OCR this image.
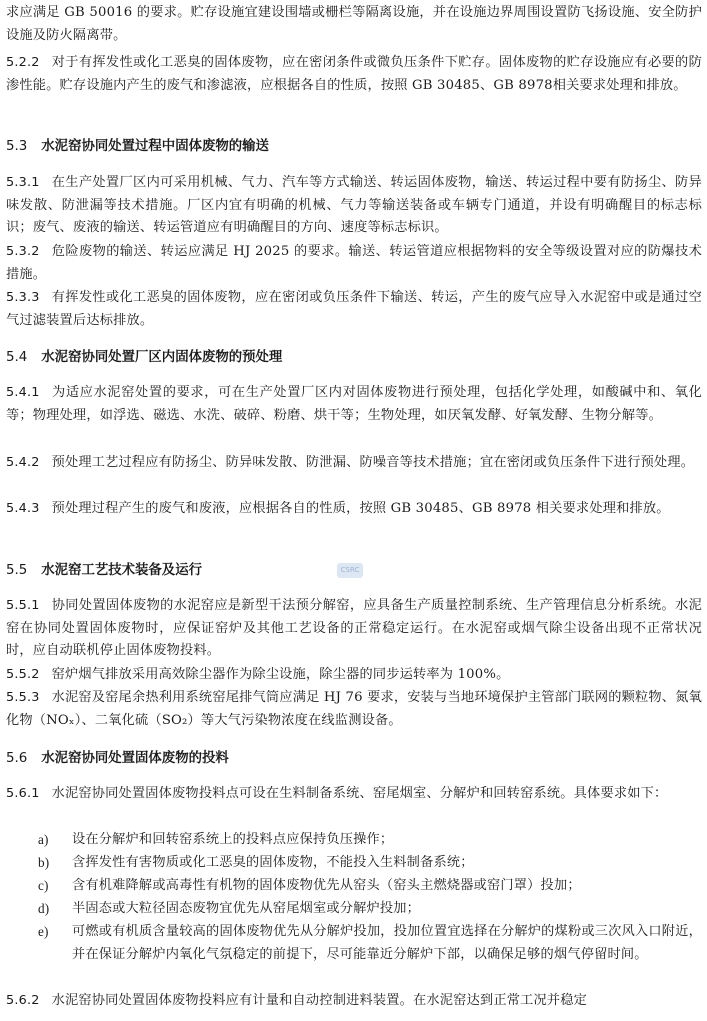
求应满足 GB 50016 的要求。贮存设施宜建设围墙或栅栏等隔离设施，并在设施边界周围设置防飞扬设施、安全防护设施及防火隔离带。
5.2.2 对于有挥发性或化工恶臭的固体废物，应在密闭条件或微负压条件下贮存。固体废物的贮存设施应有必要的防渗性能。贮存设施内产生的废气和渗滤液，应根据各自的性质，按照 GB 30485、GB 8978相关要求处理和排放。
5.3 水泥窑协同处置过程中固体废物的输送
5.3.1 在生产处置厂区内可采用机械、气力、汽车等方式输送、转运固体废物，输送、转运过程中要有防扬尘、防异味发散、防泄漏等技术措施。厂区内宜有明确的机械、气力等输送装备或车辆专门通道，并设有明确醒目的标志标识；废气、废液的输送、转运管道应有明确醒目的方向、速度等标志标识。
5.3.2 危险废物的输送、转运应满足 HJ 2025 的要求。输送、转运管道应根据物料的安全等级设置对应的防爆技术措施。
5.3.3 有挥发性或化工恶臭的固体废物，应在密闭或负压条件下输送、转运，产生的废气应导入水泥窑中或是通过空气过滤装置后达标排放。
5.4 水泥窑协同处置厂区内固体废物的预处理
5.4.1 为适应水泥窑处置的要求，可在生产处置厂区内对固体废物进行预处理，包括化学处理，如酸碱中和、氧化等；物理处理，如浮选、磁选、水洗、破碎、粉磨、烘干等；生物处理，如厌氧发酵、好氧发酵、生物分解等。
5.4.2 预处理工艺过程应有防扬尘、防异味发散、防泄漏、防噪音等技术措施；宜在密闭或负压条件下进行预处理。
5.4.3 预处理过程产生的废气和废液，应根据各自的性质，按照 GB 30485、GB 8978 相关要求处理和排放。
5.5 水泥窑工艺技术装备及运行	CSRC
5.5.1 协同处置固体废物的水泥窑应是新型干法预分解窑，应具备生产质量控制系统、生产管理信息分析系统。水泥窑在协同处置固体废物时，应保证窑炉及其他工艺设备的正常稳定运行。在水泥窑或烟气除尘设备出现不正常状况时，应自动联机停止固体废物投料。
5.5.2 窑炉烟气排放采用高效除尘器作为除尘设施，除尘器的同步运转率为 100%。
5.5.3 水泥窑及窑尾余热利用系统窑尾排气筒应满足 HJ 76 要求，安装与当地环境保护主管部门联网的颗粒物、氮氧化物（NOₓ）、二氧化硫（SO₂）等大气污染物浓度在线监测设备。
5.6 水泥窑协同处置固体废物的投料
5.6.1 水泥窑协同处置固体废物投料点可设在生料制备系统、窑尾烟室、分解炉和回转窑系统。具体要求如下：
a)	设在分解炉和回转窑系统上的投料点应保持负压操作；
b)	含挥发性有害物质或化工恶臭的固体废物，不能投入生料制备系统；
c)	含有机难降解或高毒性有机物的固体废物优先从窑头（窑头主燃烧器或窑门罩）投加；
d)	半固态或大粒径固态废物宜优先从窑尾烟室或分解炉投加；
e)	可燃或有机质含量较高的固体废物优先从分解炉投加，投加位置宜选择在分解炉的煤粉或三次风入口附近，并在保证分解炉内氧化气氛稳定的前提下，尽可能靠近分解炉下部，以确保足够的烟气停留时间。
5.6.2 水泥窑协同处置固体废物投料应有计量和自动控制进料装置。在水泥窑达到正常工况并稳定
